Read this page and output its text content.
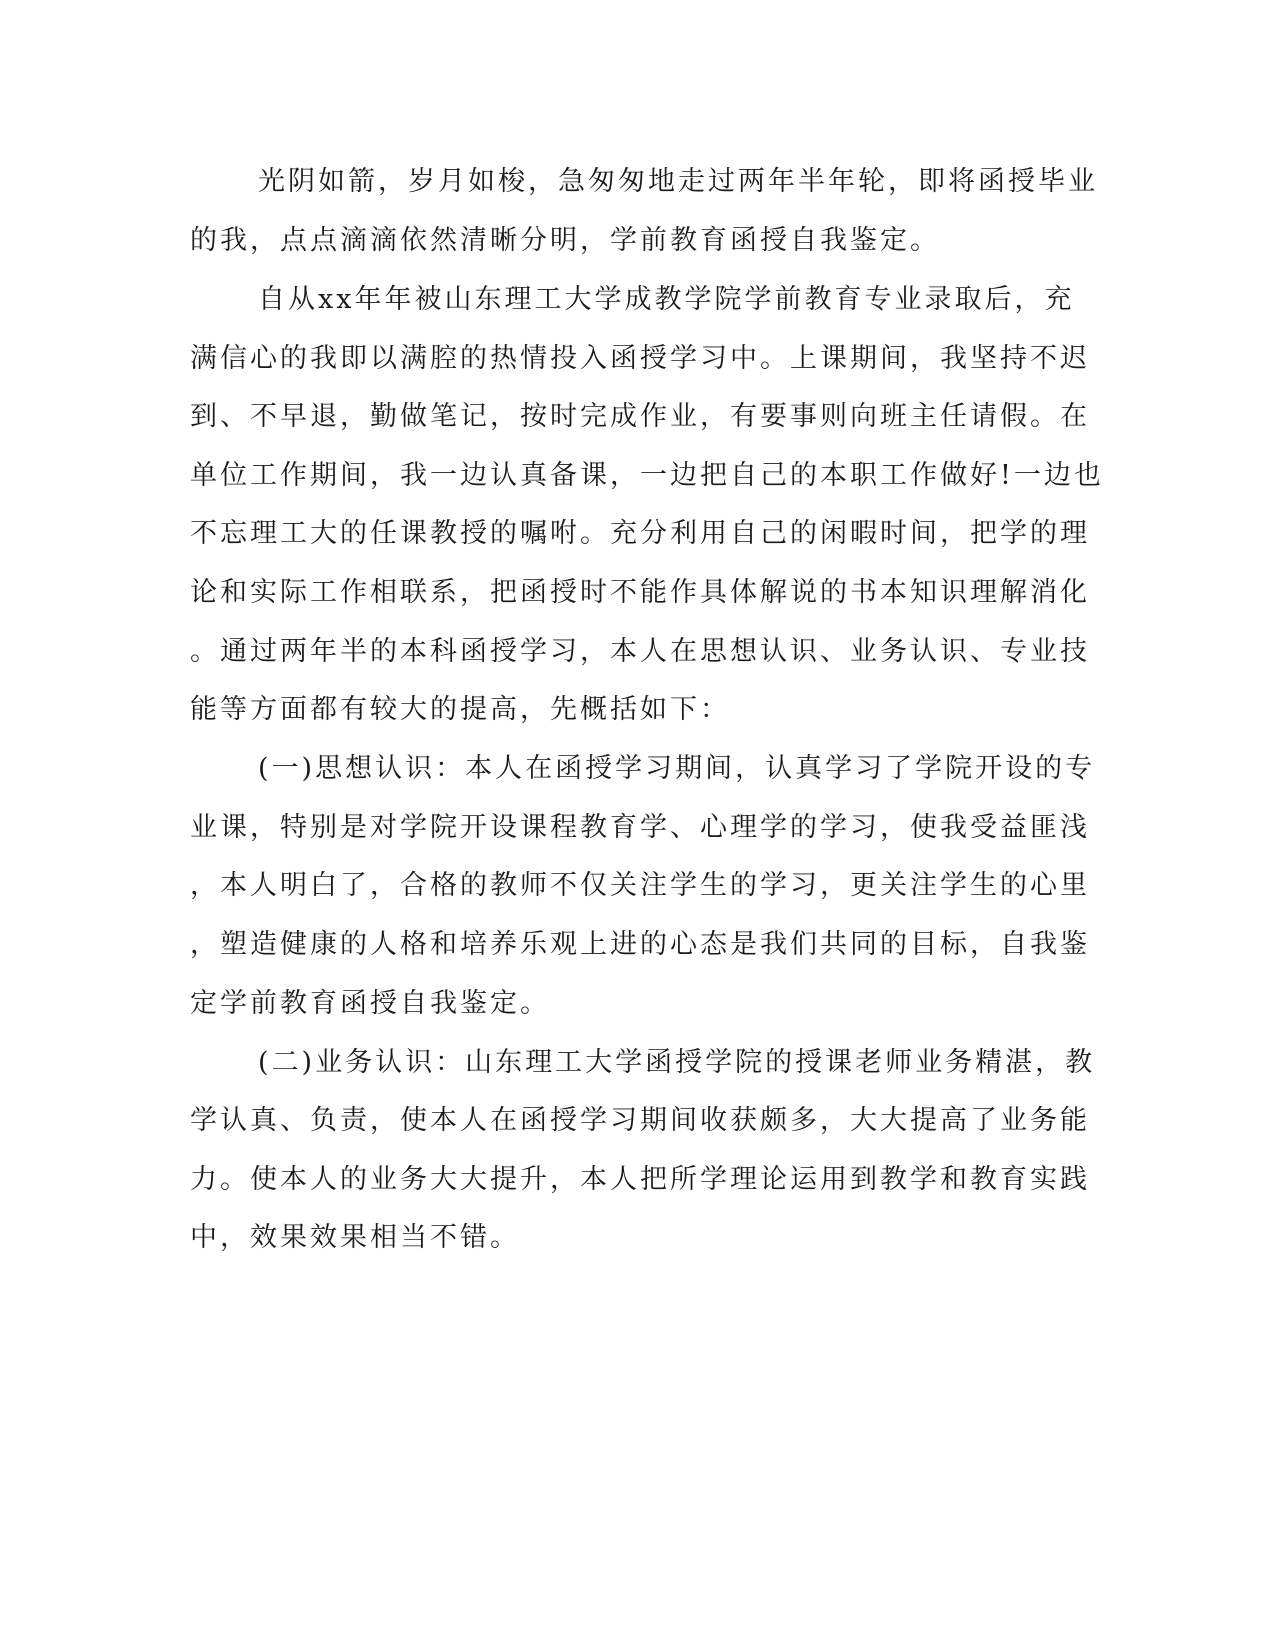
光阴如箭，岁月如梭，急匆匆地走过两年半年轮，即将函授毕业
的我，点点滴滴依然清晰分明，学前教育函授自我鉴定。
自从xx年年被山东理工大学成教学院学前教育专业录取后，充
满信心的我即以满腔的热情投入函授学习中。上课期间，我坚持不迟
到、不早退，勤做笔记，按时完成作业，有要事则向班主任请假。在
单位工作期间，我一边认真备课，一边把自己的本职工作做好!一边也
不忘理工大的任课教授的嘱咐。充分利用自己的闲暇时间，把学的理
论和实际工作相联系，把函授时不能作具体解说的书本知识理解消化
。通过两年半的本科函授学习，本人在思想认识、业务认识、专业技
能等方面都有较大的提高，先概括如下：
(一)思想认识：本人在函授学习期间，认真学习了学院开设的专
业课，特别是对学院开设课程教育学、心理学的学习，使我受益匪浅
，本人明白了，合格的教师不仅关注学生的学习，更关注学生的心里
，塑造健康的人格和培养乐观上进的心态是我们共同的目标，自我鉴
定学前教育函授自我鉴定。
(二)业务认识：山东理工大学函授学院的授课老师业务精湛，教
学认真、负责，使本人在函授学习期间收获颇多，大大提高了业务能
力。使本人的业务大大提升，本人把所学理论运用到教学和教育实践
中，效果效果相当不错。
